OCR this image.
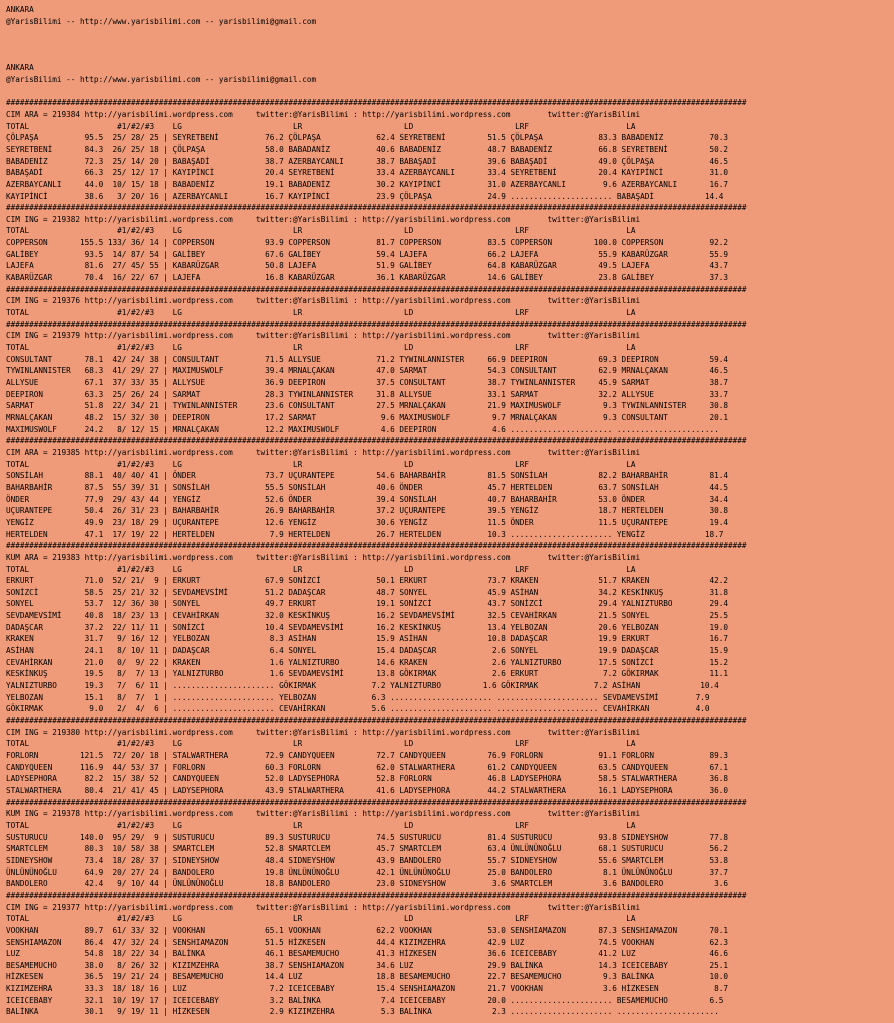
ANKARA
@YarisBilimi -- http://www.yarisbilimi.com -- yarisbilimi@gmail.com
ANKARA
@YarisBilimi -- http://www.yarisbilimi.com -- yarisbilimi@gmail.com
################################################################################################################################################################
CIM ARA = 219384 http://yarisbilimi.wordpress.com     twitter:@YarisBilimi : http://yarisbilimi.wordpress.com        twitter:@YarisBilimi
TOTAL                   #1/#2/#3    LG                        LR                      LD                      LRF                     LA
ÇÖLPAŞA          95.5  25/ 28/ 25 | SEYRETBENİ          76.2 ÇÖLPAŞA            62.4 SEYRETBENİ         51.5 ÇÖLPAŞA            83.3 BABADENİZ          70.3
SEYRETBENİ       84.3  26/ 25/ 18 | ÇÖLPAŞA             58.0 BABADANİZ          40.6 BABADENİZ          48.7 BABADENİZ          66.8 SEYRETBENİ         50.2
BABADENİZ        72.3  25/ 14/ 20 | BABAŞADİ            38.7 AZERBAYCANLI       38.7 BABAŞADİ           39.6 BABAŞADİ           49.0 ÇÖLPAŞA            46.5
BABAŞADİ         66.3  25/ 12/ 17 | KAYIPİNCİ           20.4 SEYRETBENİ         33.4 AZERBAYCANLI       33.4 SEYRETBENİ         20.4 KAYIPİNCİ          31.0
AZERBAYCANLI     44.0  10/ 15/ 18 | BABADENİZ           19.1 BABADENİZ          30.2 KAYIPİNCİ          31.0 AZERBAYCANLI        9.6 AZERBAYCANLI       16.7
KAYIPİNCİ        38.6   3/ 20/ 16 | AZERBAYCANLI        16.7 KAYIPİNCİ          23.9 ÇÖLPAŞA            24.9 ...................... BABAŞADİ           14.4
################################################################################################################################################################
CIM ING = 219382 http://yarisbilimi.wordpress.com     twitter:@YarisBilimi : http://yarisbilimi.wordpress.com        twitter:@YarisBilimi
TOTAL                   #1/#2/#3    LG                        LR                      LD                      LRF                     LA
COPPERSON       155.5 133/ 36/ 14 | COPPERSON           93.9 COPPERSON          81.7 COPPERSON          83.5 COPPERSON         100.0 COPPERSON          92.2
GALİBEY          93.5  14/ 87/ 54 | GALİBEY             67.6 GALİBEY            59.4 LAJEFA             66.2 LAJEFA             55.9 KABARÜZGAR         55.9
LAJEFA           81.6  27/ 45/ 55 | KABARÜZGAR          50.8 LAJEFA             51.9 GALİBEY            64.8 KABARÜZGAR         49.5 LAJEFA             43.7
KABARÜZGAR       70.4  16/ 22/ 67 | LAJEFA              16.8 KABARÜZGAR         36.1 KABARÜZGAR         14.6 GALİBEY            23.8 GALİBEY            37.3
################################################################################################################################################################
CIM ING = 219376 http://yarisbilimi.wordpress.com     twitter:@YarisBilimi : http://yarisbilimi.wordpress.com        twitter:@YarisBilimi
TOTAL                   #1/#2/#3    LG                        LR                      LD                      LRF                     LA
################################################################################################################################################################
CIM ING = 219379 http://yarisbilimi.wordpress.com     twitter:@YarisBilimi : http://yarisbilimi.wordpress.com        twitter:@YarisBilimi
TOTAL                   #1/#2/#3    LG                        LR                      LD                      LRF                     LA
CONSULTANT       78.1  42/ 24/ 38 | CONSULTANT          71.5 ALLYSUE            71.2 TYWINLANNISTER     66.9 DEEPIRON           69.3 DEEPIRON           59.4
TYWINLANNISTER   68.3  41/ 29/ 27 | MAXIMUSWOLF         39.4 MRNALÇAKAN         47.0 SARMAT             54.3 CONSULTANT         62.9 MRNALÇAKAN         46.5
ALLYSUE          67.1  37/ 33/ 35 | ALLYSUE             36.9 DEEPIRON           37.5 CONSULTANT         38.7 TYWINLANNISTER     45.9 SARMAT             38.7
DEEPIRON         63.3  25/ 26/ 24 | SARMAT              28.3 TYWINLANNISTER     31.8 ALLYSUE            33.1 SARMAT             32.2 ALLYSUE            33.7
SARMAT           51.8  22/ 34/ 21 | TYWINLANNISTER      23.6 CONSULTANT         27.5 MRNALÇAKAN         21.9 MAXIMUSWOLF         9.3 TYWINLANNISTER     30.8
MRNALÇAKAN       48.2  15/ 32/ 30 | DEEPIRON            17.2 SARMAT              9.6 MAXIMUSWOLF         9.7 MRNALÇAKAN          9.3 CONSULTANT         20.1
MAXIMUSWOLF      24.2   8/ 12/ 15 | MRNALÇAKAN          12.2 MAXIMUSWOLF         4.6 DEEPIRON            4.6 ...................... ......................
################################################################################################################################################################
CIM ARA = 219385 http://yarisbilimi.wordpress.com     twitter:@YarisBilimi : http://yarisbilimi.wordpress.com        twitter:@YarisBilimi
TOTAL                   #1/#2/#3    LG                        LR                      LD                      LRF                     LA
SONSİLAH         88.1  40/ 40/ 41 | ÖNDER               73.7 UÇURANTEPE         54.6 BAHARBAHİR         81.5 SONSİLAH           82.2 BAHARBAHİR         81.4
BAHARBAHİR       87.5  55/ 39/ 31 | SONSİLAH            55.5 SONSİLAH           40.6 ÖNDER              45.7 HERTELDEN          63.7 SONSİLAH           44.5
ÖNDER            77.9  29/ 43/ 44 | YENGİZ              52.6 ÖNDER              39.4 SONSİLAH           40.7 BAHARBAHİR         53.0 ÖNDER              34.4
UÇURANTEPE       50.4  26/ 31/ 23 | BAHARBAHİR          26.9 BAHARBAHİR         37.2 UÇURANTEPE         39.5 YENGİZ             18.7 HERTELDEN          30.8
YENGİZ           49.9  23/ 18/ 29 | UÇURANTEPE          12.6 YENGİZ             30.6 YENGİZ             11.5 ÖNDER              11.5 UÇURANTEPE         19.4
HERTELDEN        47.1  17/ 19/ 22 | HERTELDEN            7.9 HERTELDEN          26.7 HERTELDEN          10.3 ...................... YENGİZ             18.7
################################################################################################################################################################
KUM ARA = 219383 http://yarisbilimi.wordpress.com     twitter:@YarisBilimi : http://yarisbilimi.wordpress.com        twitter:@YarisBilimi
TOTAL                   #1/#2/#3    LG                        LR                      LD                      LRF                     LA
ERKURT           71.0  52/ 21/  9 | ERKURT              67.9 SONİZCİ            50.1 ERKURT             73.7 KRAKEN             51.7 KRAKEN             42.2
SONİZCİ          58.5  25/ 21/ 32 | SEVDAMEVSİMİ        51.2 DADAŞCAR           48.7 SONYEL             45.9 ASİHAN             34.2 KESKİNKUŞ          31.8
SONYEL           53.7  12/ 36/ 30 | SONYEL              49.7 ERKURT             19.1 SONİZCİ            43.7 SONİZCİ            29.4 YALNIZTURBO        29.4
SEVDAMEVSİMİ     40.8  18/ 23/ 13 | CEVAHİRKAN          32.0 KESKİNKUŞ          16.2 SEVDAMEVSİMİ       32.5 CEVAHİRKAN         21.5 SONYEL             25.5
DADAŞCAR         37.2  22/ 11/ 11 | SONİZCİ             10.4 SEVDAMEVSİMİ       16.2 KESKİNKUŞ          13.4 YELBOZAN           20.6 YELBOZAN           19.0
KRAKEN           31.7   9/ 16/ 12 | YELBOZAN             8.3 ASİHAN             15.9 ASİHAN             10.8 DADAŞCAR           19.9 ERKURT             16.7
ASİHAN           24.1   8/ 10/ 11 | DADAŞCAR             6.4 SONYEL             15.4 DADAŞCAR            2.6 SONYEL             19.9 DADAŞCAR           15.9
CEVAHİRKAN       21.0   0/  9/ 22 | KRAKEN               1.6 YALNIZTURBO        14.6 KRAKEN              2.6 YALNIZTURBO        17.5 SONİZCİ            15.2
KESKİNKUŞ        19.5   8/  7/ 13 | YALNIZTURBO          1.6 SEVDAMEVSİMİ       13.8 GÖKIRMAK            2.6 ERKURT              7.2 GÖKIRMAK           11.1
YALNIZTURBO      19.3   7/  6/ 11 | ...................... GÖKIRMAK            7.2 YALNIZTURBO         1.6 GÖKIRMAK            7.2 ASİHAN             10.4
YELBOZAN         15.1   8/  7/  1 | ...................... YELBOZAN            6.3 ...................... ...................... SEVDAMEVSİMİ        7.9
GÖKIRMAK          9.0   2/  4/  6 | ...................... CEVAHİRKAN          5.6 ...................... ...................... CEVAHİRKAN          4.0
################################################################################################################################################################
CIM ING = 219380 http://yarisbilimi.wordpress.com     twitter:@YarisBilimi : http://yarisbilimi.wordpress.com        twitter:@YarisBilimi
TOTAL                   #1/#2/#3    LG                        LR                      LD                      LRF                     LA
FORLORN         121.5  72/ 20/ 18 | STALWARTHERA        72.9 CANDYQUEEN         72.7 CANDYQUEEN         76.9 FORLORN            91.1 FORLORN            89.3
CANDYQUEEN      116.9  44/ 53/ 37 | FORLORN             60.3 FORLORN            62.0 STALWARTHERA       61.2 CANDYQUEEN         63.5 CANDYQUEEN         67.1
LADYSEPHORA      82.2  15/ 38/ 52 | CANDYQUEEN          52.0 LADYSEPHORA        52.8 FORLORN            46.8 LADYSEPHORA        58.5 STALWARTHERA       36.8
STALWARTHERA     80.4  21/ 41/ 45 | LADYSEPHORA         43.9 STALWARTHERA       41.6 LADYSEPHORA        44.2 STALWARTHERA       16.1 LADYSEPHORA        36.0
################################################################################################################################################################
KUM ING = 219378 http://yarisbilimi.wordpress.com     twitter:@YarisBilimi : http://yarisbilimi.wordpress.com        twitter:@YarisBilimi
TOTAL                   #1/#2/#3    LG                        LR                      LD                      LRF                     LA
SUSTURUCU       140.0  95/ 29/  9 | SUSTURUCU           89.3 SUSTURUCU          74.5 SUSTURUCU          81.4 SUSTURUCU          93.8 SIDNEYSHOW         77.8
SMARTCLEM        80.3  10/ 58/ 38 | SMARTCLEM           52.8 SMARTCLEM          45.7 SMARTCLEM          63.4 ÜNLÜNÜNOĞLU        68.1 SUSTURUCU          56.2
SIDNEYSHOW       73.4  18/ 28/ 37 | SIDNEYSHOW          48.4 SIDNEYSHOW         43.9 BANDOLERO          55.7 SIDNEYSHOW         55.6 SMARTCLEM          53.8
ÜNLÜNÜNOĞLU      64.9  20/ 27/ 24 | BANDOLERO           19.8 ÜNLÜNÜNOĞLU        42.1 ÜNLÜNÜNOĞLU        25.0 BANDOLERO           8.1 ÜNLÜNÜNOĞLU        37.7
BANDOLERO        42.4   9/ 10/ 44 | ÜNLÜNÜNOĞLU         18.8 BANDOLERO          23.0 SIDNEYSHOW          3.6 SMARTCLEM           3.6 BANDOLERO           3.6
################################################################################################################################################################
CIM ING = 219377 http://yarisbilimi.wordpress.com     twitter:@YarisBilimi : http://yarisbilimi.wordpress.com        twitter:@YarisBilimi
TOTAL                   #1/#2/#3    LG                        LR                      LD                      LRF                     LA
VOOKHAN          89.7  61/ 33/ 32 | VOOKHAN             65.1 VOOKHAN            62.2 VOOKHAN            53.0 SENSHIAMAZON       87.3 SENSHIAMAZON       70.1
SENSHIAMAZON     86.4  47/ 32/ 24 | SENSHIAMAZON        51.5 HİZKESEN           44.4 KIZIMZEHRA         42.9 LUZ                74.5 VOOKHAN            62.3
LUZ              54.8  18/ 22/ 34 | BALİNKA             46.1 BESAMEMUCHO        41.3 HİZKESEN           36.6 ICEICEBABY         41.2 LUZ                46.6
BESAMEMUCHO      38.0   8/ 26/ 32 | KIZIMZEHRA          38.7 SENSHIAMAZON       34.6 LUZ                29.9 BALİNKA            14.3 ICEICEBABY         25.1
HİZKESEN         36.5  19/ 21/ 24 | BESAMEMUCHO         14.4 LUZ                18.8 BESAMEMUCHO        22.7 BESAMEMUCHO         9.3 BALİNKA            10.0
KIZIMZEHRA       33.3  18/ 18/ 16 | LUZ                  7.2 ICEICEBABY         15.4 SENSHIAMAZON       21.7 VOOKHAN             3.6 HİZKESEN            8.7
ICEICEBABY       32.1  10/ 19/ 17 | ICEICEBABY           3.2 BALİNKA             7.4 ICEICEBABY         20.0 ...................... BESAMEMUCHO         6.5
BALİNKA          30.1   9/ 19/ 11 | HİZKESEN             2.9 KIZIMZEHRA          5.3 BALİNKA             2.3 ...................... ......................
